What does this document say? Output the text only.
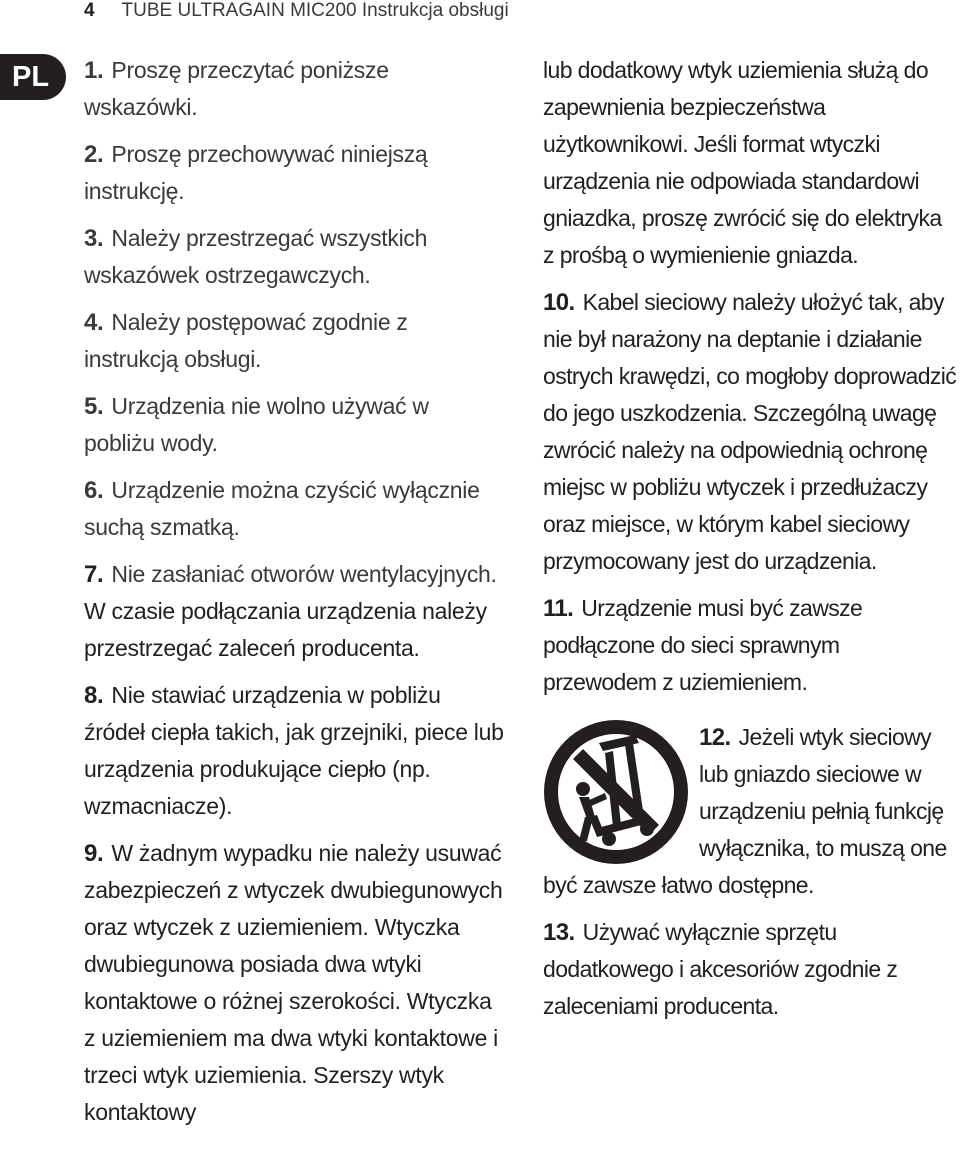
4 TUBE ULTRAGAIN MIC200 Instrukcja obsługi
PL	1. Proszę przeczytać poniższe wskazówki.
2. Proszę przechowywać niniejszą instrukcję.
3. Należy przestrzegać wszystkich wskazówek ostrzegawczych.
4. Należy postępować zgodnie z instrukcją obsługi.
5. Urządzenia nie wolno używać w pobliżu wody.
6. Urządzenie można czyścić wyłącznie suchą szmatką.
7. Nie zasłaniać otworów wentylacyjnych. W czasie podłączania urządzenia należy przestrzegać zaleceń producenta.
8. Nie stawiać urządzenia w pobliżu źródeł ciepła takich, jak grzejniki, piece lub urządzenia produkujące ciepło (np. wzmacniacze).
9. W żadnym wypadku nie należy usuwać zabezpieczeń z wtyczek dwubiegunowych oraz wtyczek z uziemieniem. Wtyczka dwubiegunowa posiada dwa wtyki kontaktowe o różnej szerokości. Wtyczka z uziemieniem ma dwa wtyki kontaktowe i trzeci wtyk uziemienia. Szerszy wtyk kontaktowy
lub dodatkowy wtyk uziemienia służą do zapewnienia bezpieczeństwa użytkownikowi. Jeśli format wtyczki urządzenia nie odpowiada standardowi gniazdka, proszę zwrócić się do elektryka z prośbą o wymienienie gniazda.
10. Kabel sieciowy należy ułożyć tak, aby nie był narażony na deptanie i działanie ostrych krawędzi, co mogłoby doprowadzić do jego uszkodzenia. Szczególną uwagę zwrócić należy na odpowiednią ochronę miejsc w pobliżu wtyczek i przedłużaczy oraz miejsce, w którym kabel sieciowy przymocowany jest do urządzenia.
11. Urządzenie musi być zawsze podłączone do sieci sprawnym przewodem z uziemieniem.
12. Jeżeli wtyk sieciowy lub gniazdo sieciowe w urządzeniu pełnią funkcję wyłącznika, to muszą one być zawsze łatwo dostępne.
13. Używać wyłącznie sprzętu dodatkowego i akcesoriów zgodnie z zaleceniami producenta.
